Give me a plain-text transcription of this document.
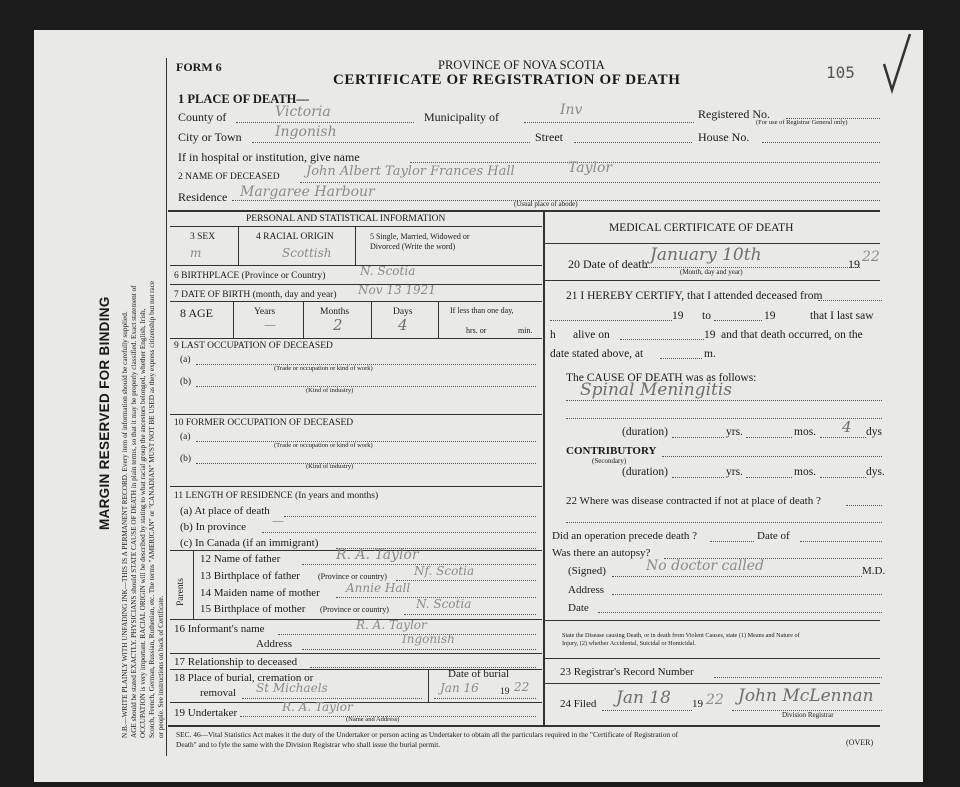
MARGIN RESERVED FOR BINDING N.B.—WRITE PLAINLY WITH UNFADING INK—THIS IS A PERMANENT RECORD. Every item of information should be carefully supplied. AGE should be stated EXACTLY. PHYSICIANS should STATE CAUSE OF DEATH in plain terms, so that it may be properly classified. Exact statement of OCCUPATION is very important. RACIAL ORIGIN will be described by stating to what racial group the ancestors belonged, whether English, Irish, Scotch, French, German, Russian, Ruthenian, etc. The terms "AMERICAN" or "CANADIAN" MUST NOT BE USED as they express citizenship but not race or people. See instructions on back of Certificate.
FORM 6	PROVINCE OF NOVA SCOTIA
CERTIFICATE OF REGISTRATION OF DEATH	105
1 PLACE OF DEATH—
County of	Victoria	Municipality of	Inv	Registered No.
(For use of Registrar General only)
City or Town Ingonish	Street	House No.
If in hospital or institution, give name
2 NAME OF DECEASED John Albert Taylor Frances Hall	Taylor
Residence Margaree Harbour
(Usual place of abode)
PERSONAL AND STATISTICAL INFORMATION
3 SEX
m
4 RACIAL ORIGIN
Scottish
5 Single, Married, Widowed or
Divorced (Write the word)
6 BIRTHPLACE (Province or Country)	N. Scotia
7 DATE OF BIRTH (month, day and year) Nov 13 1921
8 AGE	Years	Months	Days
—	2	4
If less than one day,
hrs. or	min.
9 LAST OCCUPATION OF DECEASED
(a)
(Trade or occupation or kind of work)
(b)
(Kind of industry)
10 FORMER OCCUPATION OF DECEASED
(a)
(Trade or occupation or kind of work)
(b)
(Kind of industry)
11 LENGTH OF RESIDENCE (In years and months)
(a) At place of death
(b) In province —
(c) In Canada (if an immigrant)
Parents
12 Name of father	R. A. Taylor
13 Birthplace of father (Province or country) Nf. Scotia
14 Maiden name of mother Annie Hall
15 Birthplace of mother (Province or country) N. Scotia
16 Informant's name	R. A. Taylor
Address	Ingonish
17 Relationship to deceased
18 Place of burial, cremation or
removal St Michaels
Date of burial
Jan 16 19 22
19 Undertaker	R. A. Taylor
(Name and Address)
MEDICAL CERTIFICATE OF DEATH
20 Date of death January 10th	19 22
(Month, day and year)
21 I HEREBY CERTIFY, that I attended deceased from
19 to	19	that I last saw
h alive on	19 and that death occurred, on the
date stated above, at	m.
The CAUSE OF DEATH was as follows:
Spinal Meningitis
(duration)	yrs.	mos. 4 dys
CONTRIBUTORY
(Secondary)
(duration)	yrs.	mos.	dys.
22 Where was disease contracted if not at place of death ?
Did an operation precede death ?	Date of
Was there an autopsy?
(Signed)	No doctor called	M.D.
Address
Date
State the Disease causing Death, or in death from Violent Causes, state (1) Means and Nature of
Injury, (2) whether Accidental, Suicidal or Homicidal.
23 Registrar's Record Number
24 Filed Jan 18 19 22 John McLennan
Division Registrar
SEC. 46—Vital Statistics Act makes it the duty of the Undertaker or person acting as Undertaker to obtain all the particulars required in the "Certificate of Registration of
Death" and to fyle the same with the Division Registrar who shall issue the burial permit.	(OVER)
